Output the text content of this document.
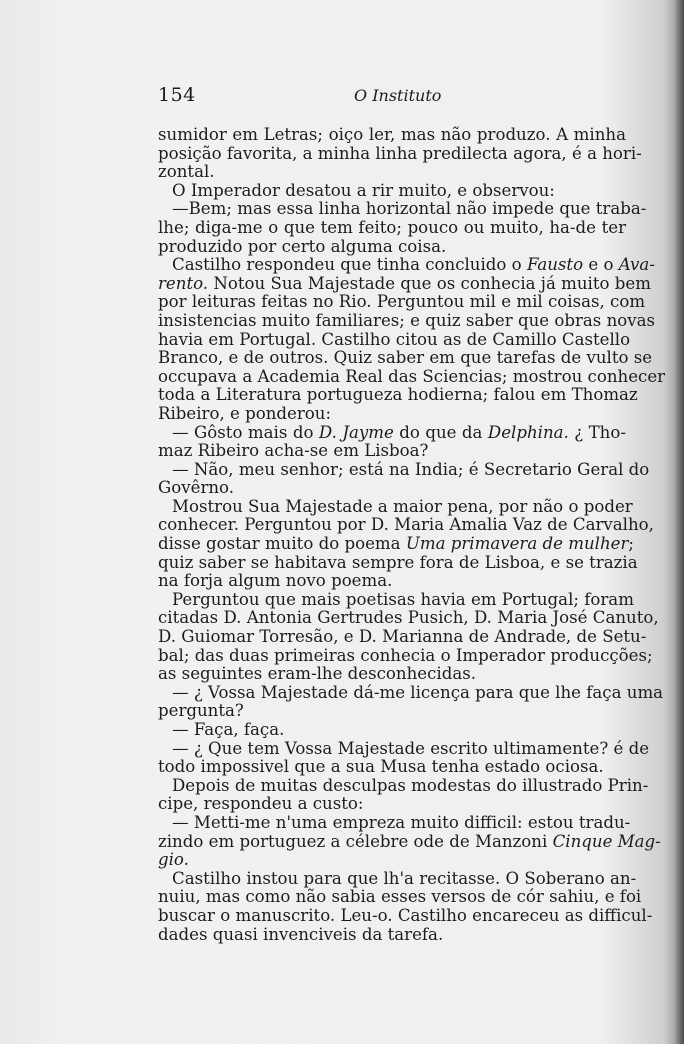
154	O Instituto
sumidor em Letras; oiço ler, mas não produzo. A minha
posição favorita, a minha linha predilecta agora, é a hori-
zontal.
O Imperador desatou a rir muito, e observou:
—Bem; mas essa linha horizontal não impede que traba-
lhe; diga-me o que tem feito; pouco ou muito, ha-de ter
produzido por certo alguma coisa.
Castilho respondeu que tinha concluido o Fausto e o Ava-
rento. Notou Sua Majestade que os conhecia já muito bem
por leituras feitas no Rio. Perguntou mil e mil coisas, com
insistencias muito familiares; e quiz saber que obras novas
havia em Portugal. Castilho citou as de Camillo Castello
Branco, e de outros. Quiz saber em que tarefas de vulto se
occupava a Academia Real das Sciencias; mostrou conhecer
toda a Literatura portugueza hodierna; falou em Thomaz
Ribeiro, e ponderou:
— Gôsto mais do D. Jayme do que da Delphina. ¿ Tho-
maz Ribeiro acha-se em Lisboa?
— Não, meu senhor; está na India; é Secretario Geral do
Govêrno.
Mostrou Sua Majestade a maior pena, por não o poder
conhecer. Perguntou por D. Maria Amalia Vaz de Carvalho,
disse gostar muito do poema Uma primavera de mulher;
quiz saber se habitava sempre fora de Lisboa, e se trazia
na forja algum novo poema.
Perguntou que mais poetisas havia em Portugal; foram
citadas D. Antonia Gertrudes Pusich, D. Maria José Canuto,
D. Guiomar Torresão, e D. Marianna de Andrade, de Setu-
bal; das duas primeiras conhecia o Imperador producções;
as seguintes eram-lhe desconhecidas.
— ¿ Vossa Majestade dá-me licença para que lhe faça uma
pergunta?
— Faça, faça.
— ¿ Que tem Vossa Majestade escrito ultimamente? é de
todo impossivel que a sua Musa tenha estado ociosa.
Depois de muitas desculpas modestas do illustrado Prin-
cipe, respondeu a custo:
— Metti-me n'uma empreza muito difficil: estou tradu-
zindo em portuguez a célebre ode de Manzoni Cinque Mag-
gio.
Castilho instou para que lh'a recitasse. O Soberano an-
nuiu, mas como não sabia esses versos de cór sahiu, e foi
buscar o manuscrito. Leu-o. Castilho encareceu as difficul-
dades quasi invenciveis da tarefa.
